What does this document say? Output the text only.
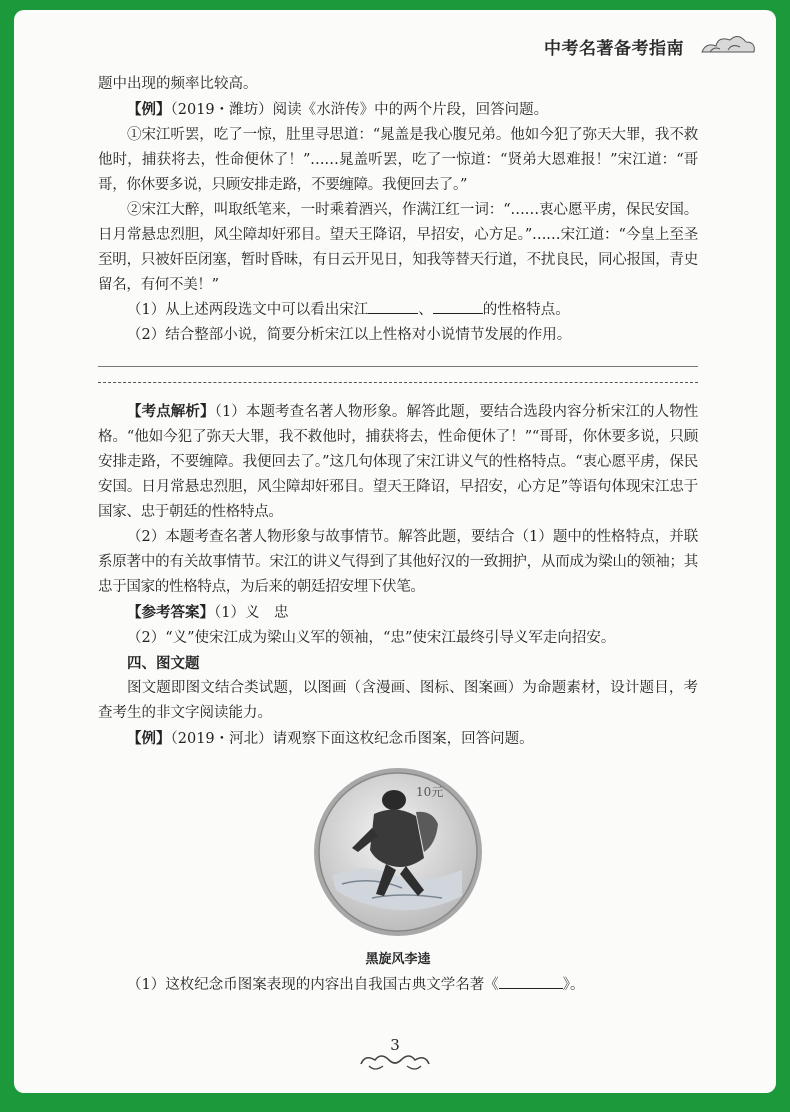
中考名著备考指南

题中出现的频率比较高。

【例】（2019・潍坊）阅读《水浒传》中的两个片段，回答问题。

①宋江听罢，吃了一惊，肚里寻思道：“晁盖是我心腹兄弟。他如今犯了弥天大罪，我不救他时，捕获将去，性命便休了！”……晁盖听罢，吃了一惊道：“贤弟大恩难报！”宋江道：“哥哥，你休要多说，只顾安排走路，不要缠障。我便回去了。”

②宋江大醉，叫取纸笔来，一时乘着酒兴，作满江红一词：“……衷心愿平虏，保民安国。日月常悬忠烈胆，风尘障却奸邪目。望天王降诏，早招安，心方足。”……宋江道：“今皇上至圣至明，只被奸臣闭塞，暂时昏昧，有日云开见日，知我等替天行道，不扰良民，同心报国，青史留名，有何不美！”

（1）从上述两段选文中可以看出宋江	、	的性格特点。

（2）结合整部小说，简要分析宋江以上性格对小说情节发展的作用。

【考点解析】（1）本题考查名著人物形象。解答此题，要结合选段内容分析宋江的人物性格。“他如今犯了弥天大罪，我不救他时，捕获将去，性命便休了！”“哥哥，你休要多说，只顾安排走路，不要缠障。我便回去了。”这几句体现了宋江讲义气的性格特点。“衷心愿平虏，保民安国。日月常悬忠烈胆，风尘障却奸邪目。望天王降诏，早招安，心方足”等语句体现宋江忠于国家、忠于朝廷的性格特点。

（2）本题考查名著人物形象与故事情节。解答此题，要结合（1）题中的性格特点，并联系原著中的有关故事情节。宋江的讲义气得到了其他好汉的一致拥护，从而成为梁山的领袖；其忠于国家的性格特点，为后来的朝廷招安埋下伏笔。

【参考答案】（1）义　忠

（2）“义”使宋江成为梁山义军的领袖，“忠”使宋江最终引导义军走向招安。

四、图文题

图文题即图文结合类试题，以图画（含漫画、图标、图案画）为命题素材，设计题目，考查考生的非文字阅读能力。

【例】（2019・河北）请观察下面这枚纪念币图案，回答问题。

10元
黑旋风李逵

（1）这枚纪念币图案表现的内容出自我国古典文学名著《	》。

3
